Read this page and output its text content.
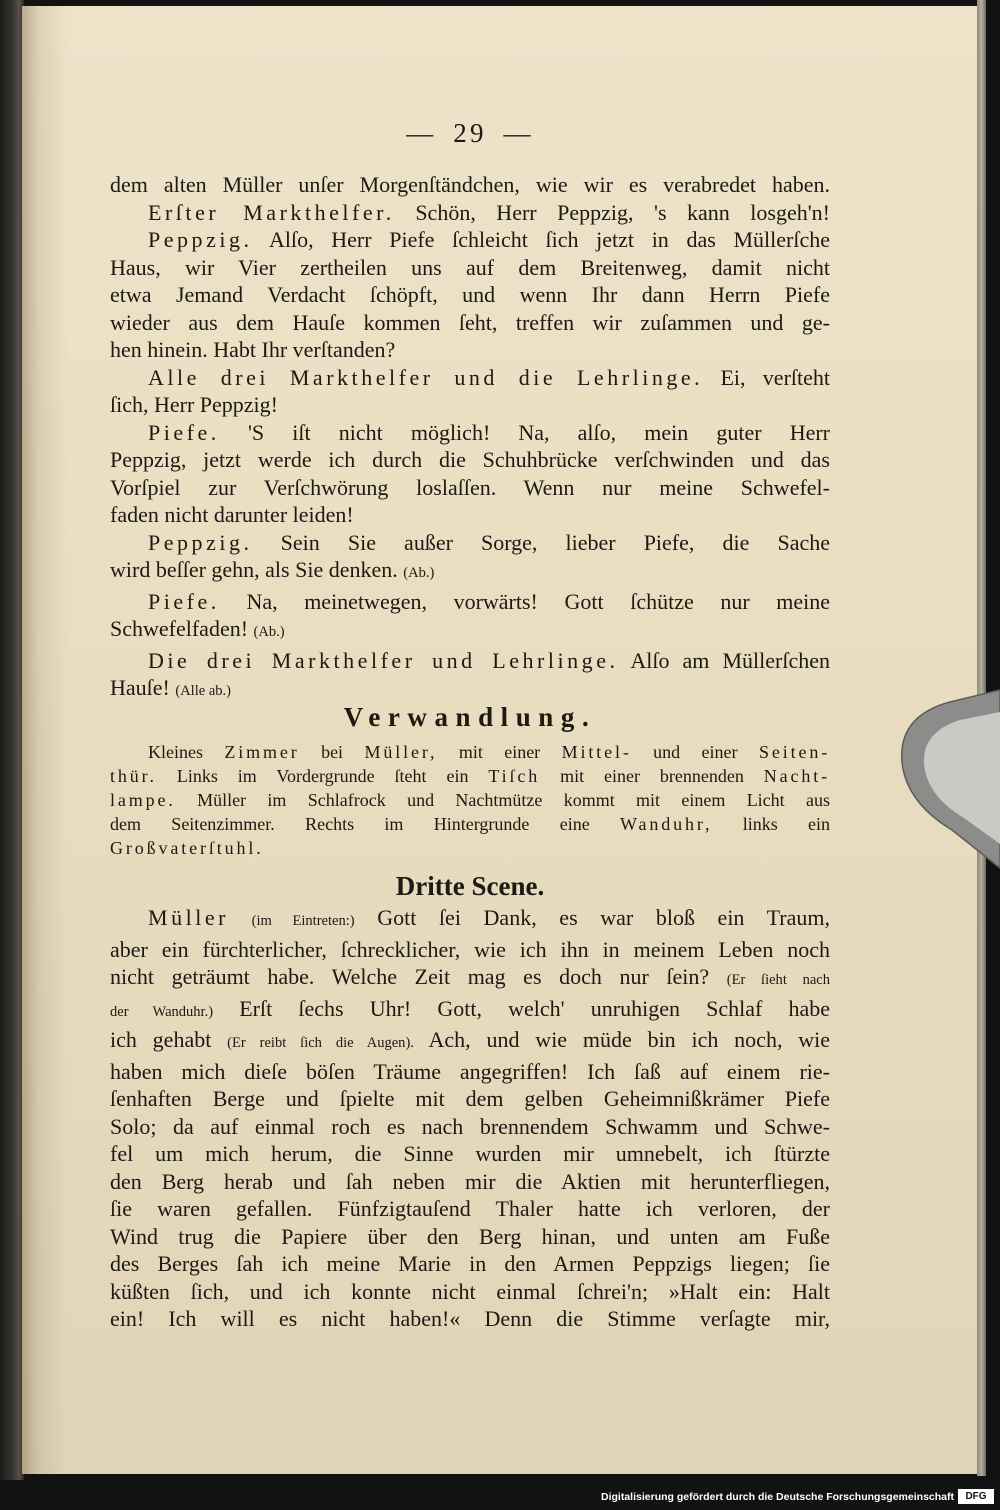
— 29 —
dem alten Müller unſer Morgenſtändchen, wie wir es verabredet haben.
Erſter Markthelfer. Schön, Herr Peppzig, 's kann losgeh'n!
Peppzig. Alſo, Herr Piefe ſchleicht ſich jetzt in das Müllerſche
Haus, wir Vier zertheilen uns auf dem Breitenweg, damit nicht
etwa Jemand Verdacht ſchöpft, und wenn Ihr dann Herrn Piefe
wieder aus dem Hauſe kommen ſeht, treffen wir zuſammen und ge-
hen hinein. Habt Ihr verſtanden?
Alle drei Markthelfer und die Lehrlinge. Ei, verſteht
ſich, Herr Peppzig!
Piefe. 'S iſt nicht möglich! Na, alſo, mein guter Herr
Peppzig, jetzt werde ich durch die Schuhbrücke verſchwinden und das
Vorſpiel zur Verſchwörung loslaſſen. Wenn nur meine Schwefel-
faden nicht darunter leiden!
Peppzig. Sein Sie außer Sorge, lieber Piefe, die Sache
wird beſſer gehn, als Sie denken. (Ab.)
Piefe. Na, meinetwegen, vorwärts! Gott ſchütze nur meine
Schwefelfaden! (Ab.)
Die drei Markthelfer und Lehrlinge. Alſo am Müllerſchen
Hauſe! (Alle ab.)
Verwandlung.
Kleines Zimmer bei Müller, mit einer Mittel- und einer Seiten-
thür. Links im Vordergrunde ſteht ein Tiſch mit einer brennenden Nacht-
lampe. Müller im Schlafrock und Nachtmütze kommt mit einem Licht aus
dem Seitenzimmer. Rechts im Hintergrunde eine Wanduhr, links ein
Großvaterſtuhl.
Dritte Scene.
Müller (im Eintreten:) Gott ſei Dank, es war bloß ein Traum,
aber ein fürchterlicher, ſchrecklicher, wie ich ihn in meinem Leben noch
nicht geträumt habe. Welche Zeit mag es doch nur ſein? (Er ſieht nach
der Wanduhr.) Erſt ſechs Uhr! Gott, welch' unruhigen Schlaf habe
ich gehabt (Er reibt ſich die Augen). Ach, und wie müde bin ich noch, wie
haben mich dieſe böſen Träume angegriffen! Ich ſaß auf einem rie-
ſenhaften Berge und ſpielte mit dem gelben Geheimnißkrämer Piefe
Solo; da auf einmal roch es nach brennendem Schwamm und Schwe-
fel um mich herum, die Sinne wurden mir umnebelt, ich ſtürzte
den Berg herab und ſah neben mir die Aktien mit herunterfliegen,
ſie waren gefallen. Fünfzigtauſend Thaler hatte ich verloren, der
Wind trug die Papiere über den Berg hinan, und unten am Fuße
des Berges ſah ich meine Marie in den Armen Peppzigs liegen; ſie
küßten ſich, und ich konnte nicht einmal ſchrei'n; »Halt ein: Halt
ein! Ich will es nicht haben!« Denn die Stimme verſagte mir,
Digitalisierung gefördert durch die Deutsche Forschungsgemeinschaft	DFG
